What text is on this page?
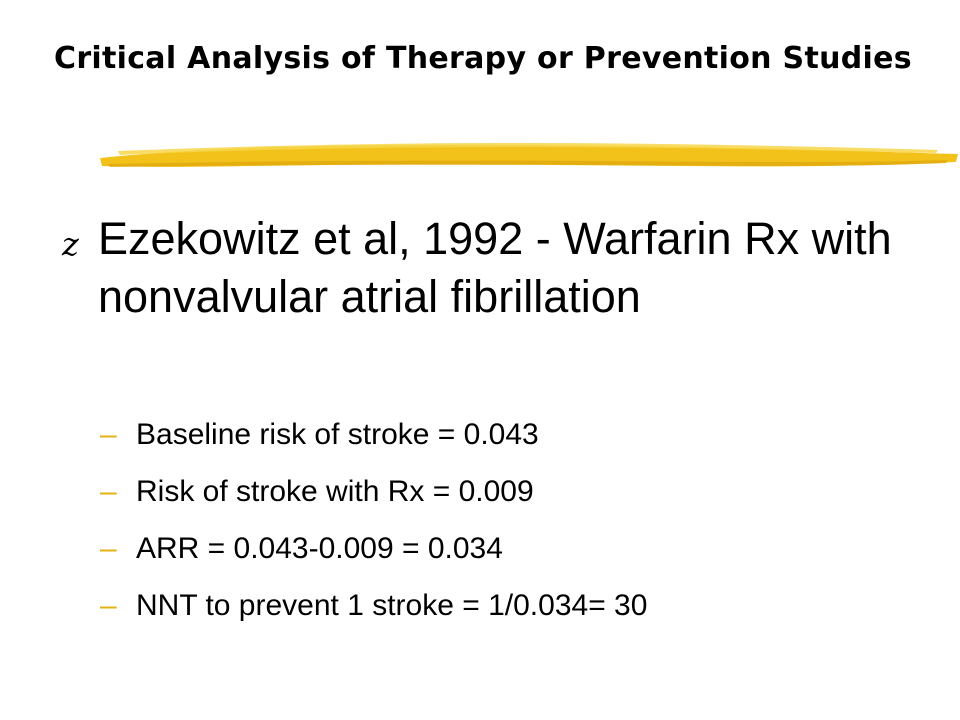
Critical Analysis of Therapy or Prevention Studies
z Ezekowitz et al, 1992 - Warfarin Rx with nonvalvular atrial fibrillation
– Baseline risk of stroke = 0.043
– Risk of stroke with Rx = 0.009
– ARR = 0.043-0.009 = 0.034
– NNT to prevent 1 stroke = 1/0.034= 30
